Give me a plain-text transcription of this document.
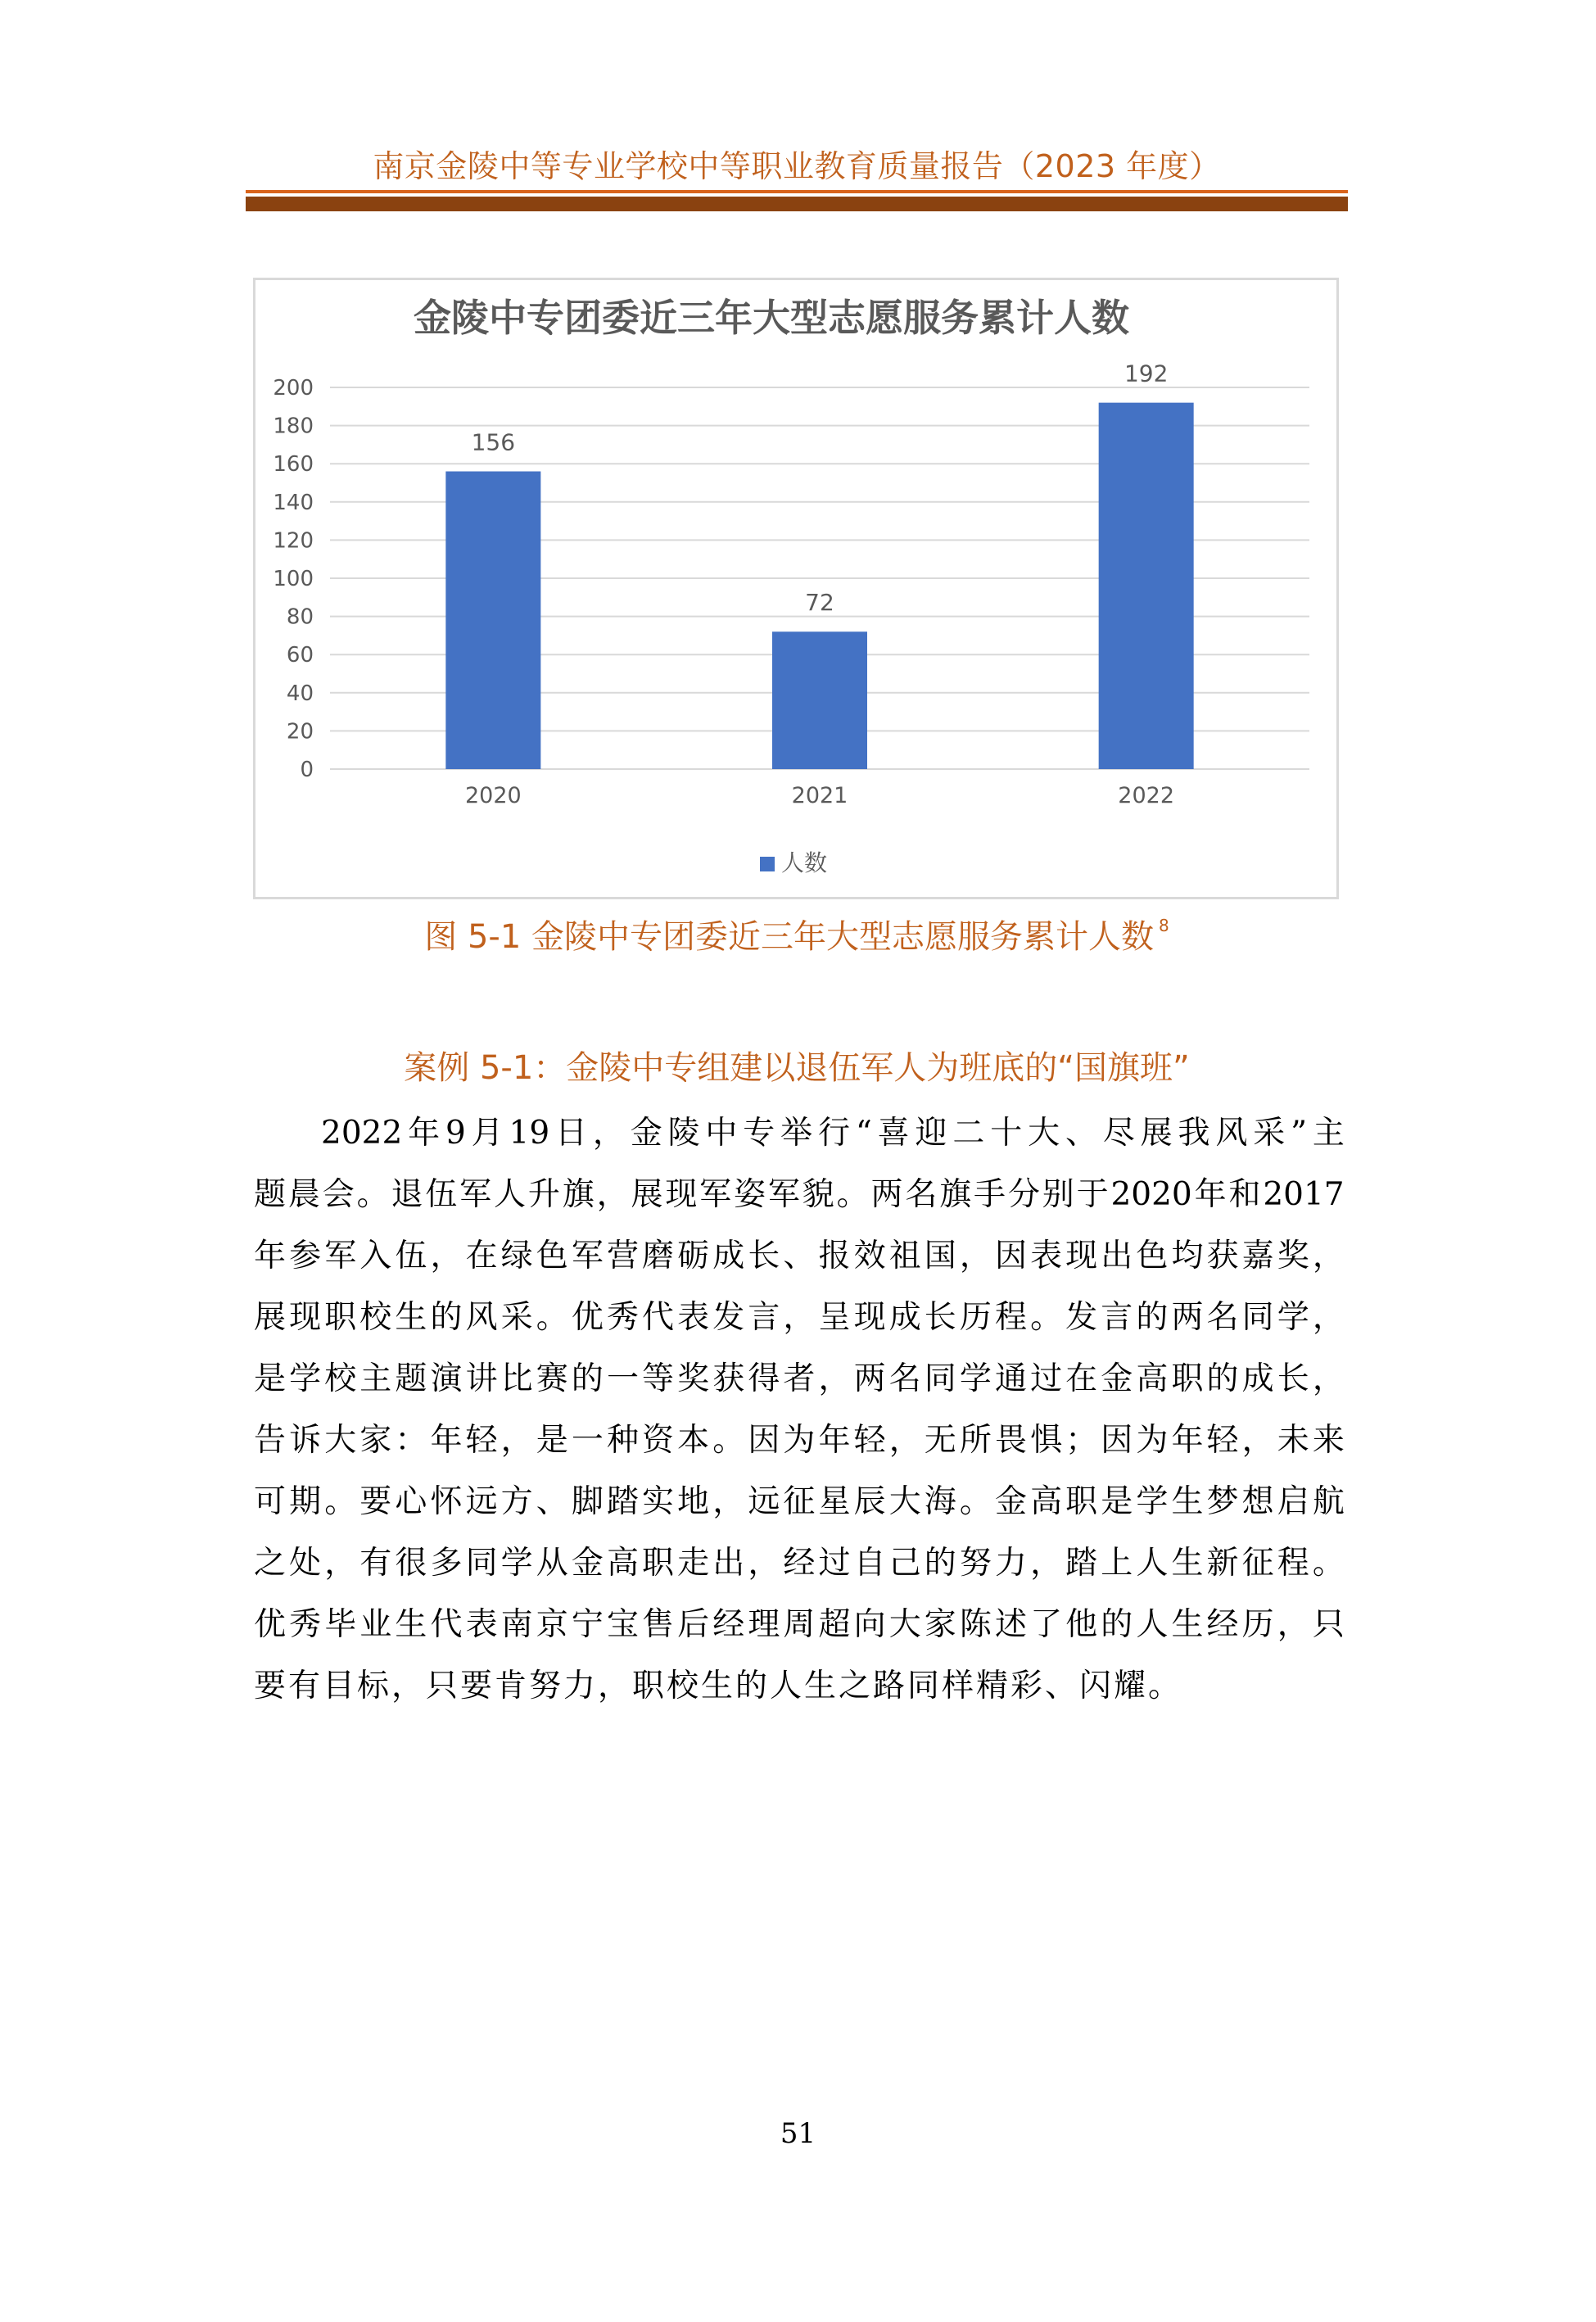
南京金陵中等专业学校中等职业教育质量报告（2023 年度）
金陵中专团委近三年大型志愿服务累计人数
0
20
40
60
80
100
120
140
160
180
200
156
72
192
2020	2021	2022
人数
图 5-1 金陵中专团委近三年大型志愿服务累计人数 $^8$
案例 5-1：金陵中专组建以退伍军人为班底的“国旗班”
2022 年 9 月 19 日 ， 金 陵 中 专 举 行 “ 喜 迎 二 十 大 、 尽 展 我 风 采 ” 主
题 晨 会 。 退 伍 军 人 升 旗 ， 展 现 军 姿 军 貌 。 两 名 旗 手 分 别 于 2020 年 和 2017
年 参 军 入 伍 ， 在 绿 色 军 营 磨 砺 成 长 、 报 效 祖 国 ， 因 表 现 出 色 均 获 嘉 奖 ，
展 现 职 校 生 的 风 采 。 优 秀 代 表 发 言 ， 呈 现 成 长 历 程 。 发 言 的 两 名 同 学 ，
是 学 校 主 题 演 讲 比 赛 的 一 等 奖 获 得 者 ， 两 名 同 学 通 过 在 金 高 职 的 成 长 ，
告 诉 大 家 ： 年 轻 ， 是 一 种 资 本 。 因 为 年 轻 ， 无 所 畏 惧 ； 因 为 年 轻 ， 未 来
可 期 。 要 心 怀 远 方 、 脚 踏 实 地 ， 远 征 星 辰 大 海 。 金 高 职 是 学 生 梦 想 启 航
之 处 ， 有 很 多 同 学 从 金 高 职 走 出 ， 经 过 自 己 的 努 力 ， 踏 上 人 生 新 征 程 。
优 秀 毕 业 生 代 表 南 京 宁 宝 售 后 经 理 周 超 向 大 家 陈 述 了 他 的 人 生 经 历 ， 只
要有目标，只要肯努力，职校生的人生之路同样精彩、闪耀。
51
